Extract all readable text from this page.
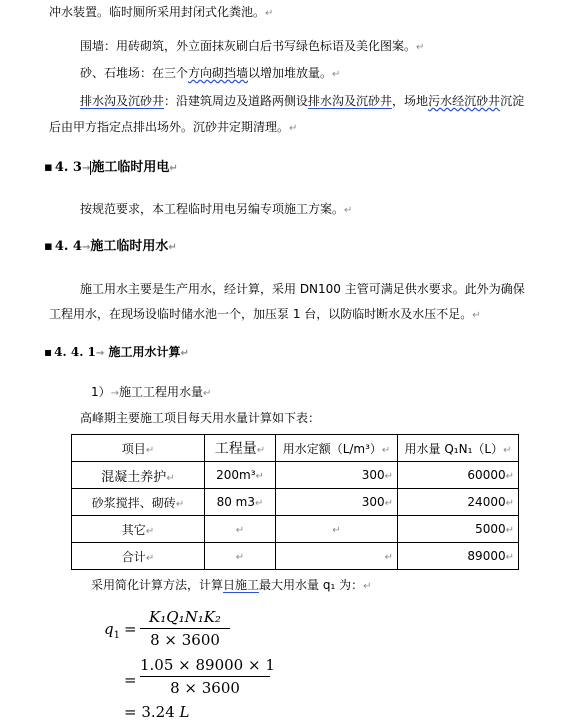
冲水装置。临时厕所采用封闭式化粪池。↵
围墙：用砖砌筑，外立面抹灰刷白后书写绿色标语及美化图案。↵
砂、石堆场：在三个方向砌挡墙以增加堆放量。↵
排水沟及沉砂井：沿建筑周边及道路两侧设排水沟及沉砂井，场地污水经沉砂井沉淀
后由甲方指定点排出场外。沉砂井定期清理。↵
▪ 4. 3→施工临时用电↵
按规范要求，本工程临时用电另编专项施工方案。↵
▪ 4. 4→施工临时用水↵
施工用水主要是生产用水，经计算，采用 DN100 主管可满足供水要求。此外为确保
工程用水，在现场设临时储水池一个，加压泵 1 台，以防临时断水及水压不足。↵
▪ 4. 4. 1→ 施工用水计算↵
1）→施工工程用水量↵
高峰期主要施工项目每天用水量计算如下表：
项目↵	工程量↵	用水定额（L/m³）↵	用水量 Q₁N₁（L）↵
混凝土养护↵	200m³↵	300↵	60000↵
砂浆搅拌、砌砖↵	80 m3↵	300↵	24000↵
其它↵	↵	↵	5000↵
合计↵	↵	↵	89000↵
采用简化计算方法，计算日施工最大用水量 q₁ 为：↵
$q_1$ =
K₁Q₁N₁K₂
8 × 3600
=
1.05 × 89000 × 1
8 × 3600
= 3.24 L
